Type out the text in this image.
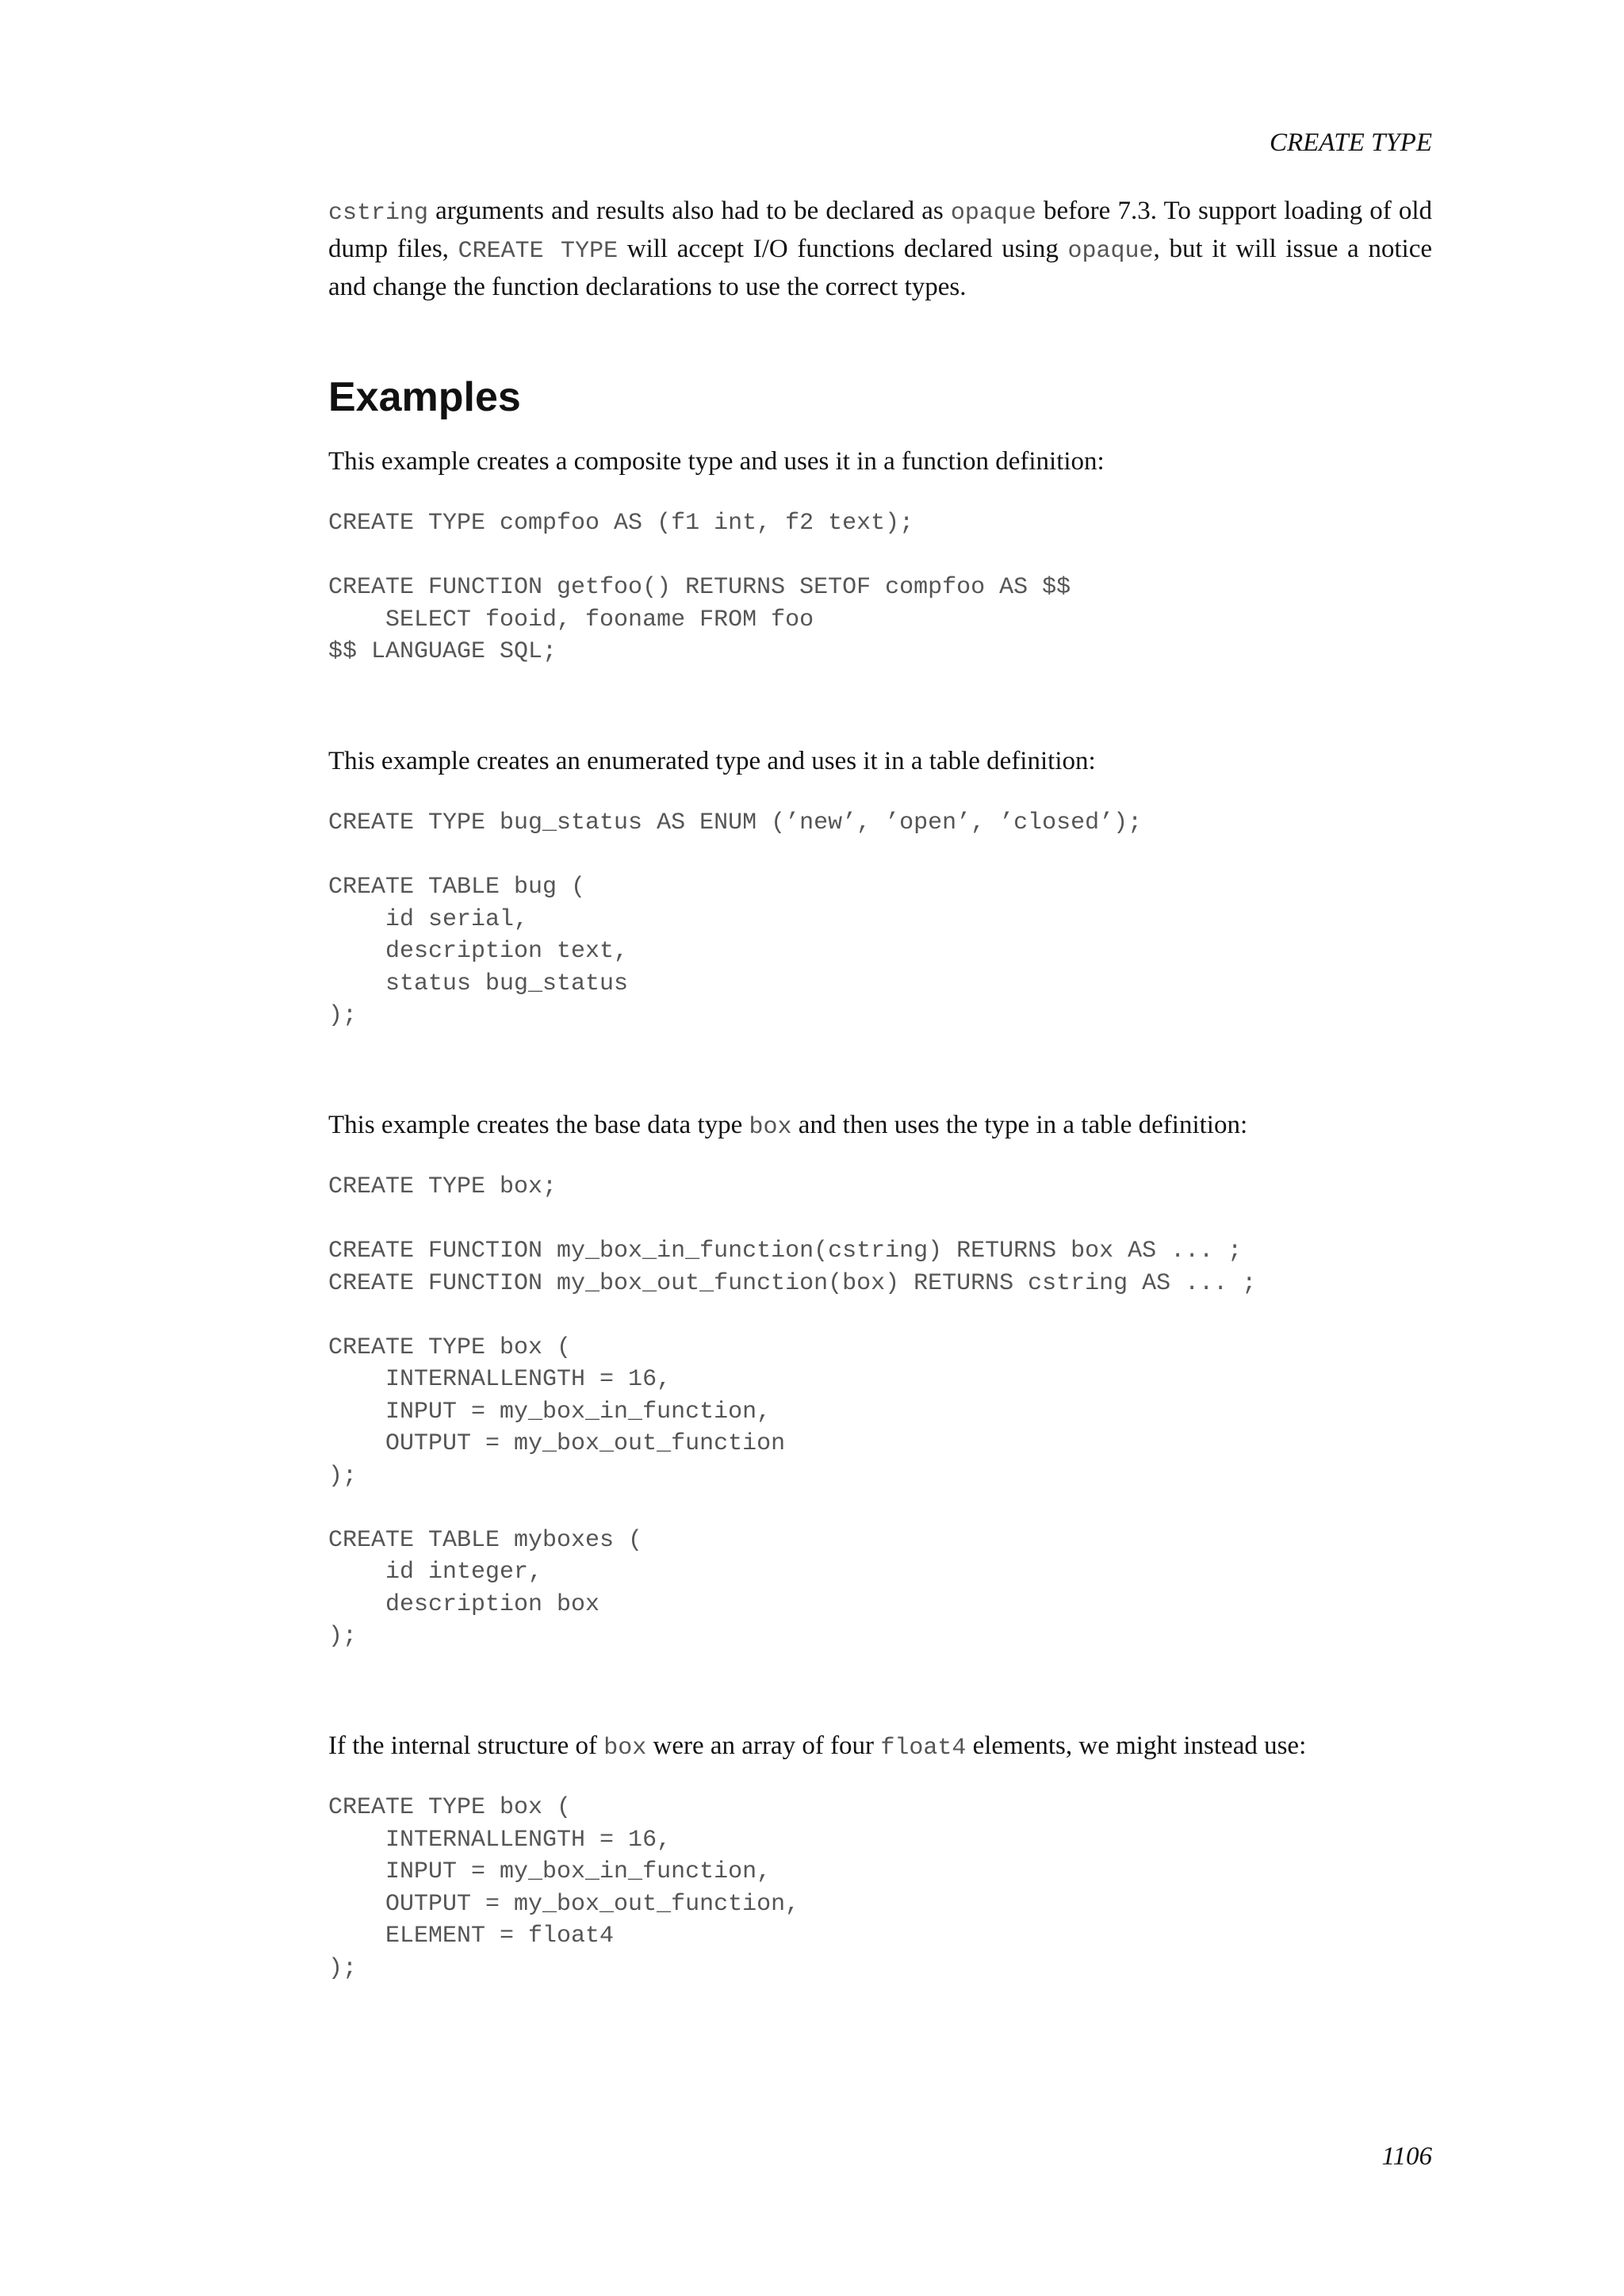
CREATE TYPE

cstring arguments and results also had to be declared as opaque before 7.3. To support loading of old dump files, CREATE TYPE will accept I/O functions declared using opaque, but it will issue a notice and change the function declarations to use the correct types.

Examples

This example creates a composite type and uses it in a function definition:

CREATE TYPE compfoo AS (f1 int, f2 text);

CREATE FUNCTION getfoo() RETURNS SETOF compfoo AS $$
SELECT fooid, fooname FROM foo
$$ LANGUAGE SQL;

This example creates an enumerated type and uses it in a table definition:

CREATE TYPE bug_status AS ENUM (’new’, ’open’, ’closed’);

CREATE TABLE bug (
id serial,
description text,
status bug_status
);

This example creates the base data type box and then uses the type in a table definition:

CREATE TYPE box;

CREATE FUNCTION my_box_in_function(cstring) RETURNS box AS ... ;
CREATE FUNCTION my_box_out_function(box) RETURNS cstring AS ... ;

CREATE TYPE box (
INTERNALLENGTH = 16,
INPUT = my_box_in_function,
OUTPUT = my_box_out_function
);

CREATE TABLE myboxes (
id integer,
description box
);

If the internal structure of box were an array of four float4 elements, we might instead use:

CREATE TYPE box (
INTERNALLENGTH = 16,
INPUT = my_box_in_function,
OUTPUT = my_box_out_function,
ELEMENT = float4
);
1106
